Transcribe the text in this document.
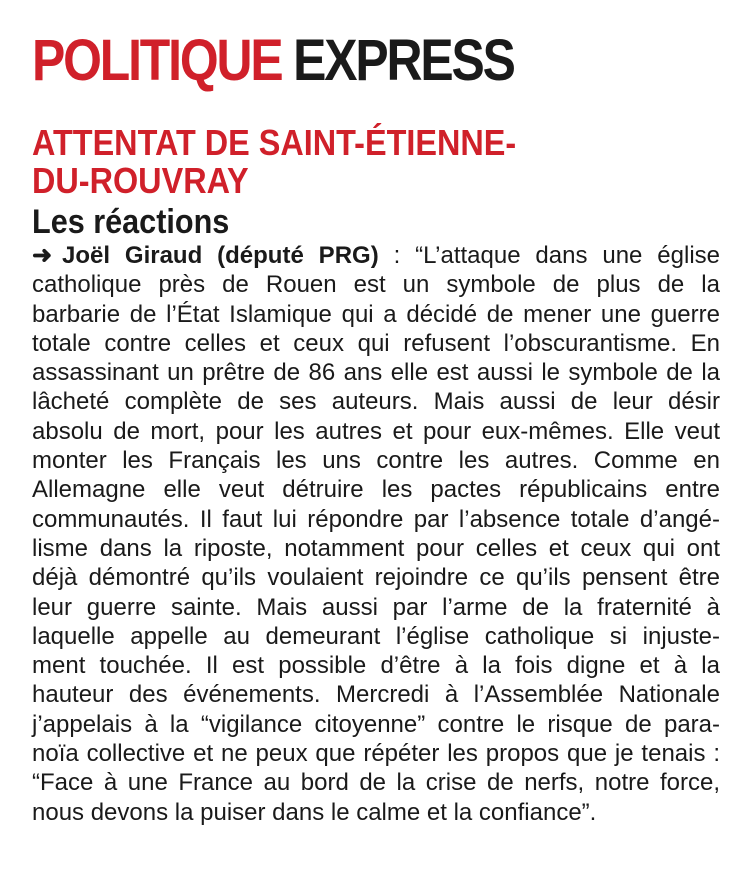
POLITIQUE EXPRESS
ATTENTAT DE SAINT-ÉTIENNE-
DU-ROUVRAY
Les réactions
➜ Joël Giraud (député PRG) : “L’attaque dans une église
catholique près de Rouen est un symbole de plus de la
barbarie de l’État Islamique qui a décidé de mener une guerre
totale contre celles et ceux qui refusent l’obscurantisme. En
assassinant un prêtre de 86 ans elle est aussi le symbole de la
lâcheté complète de ses auteurs. Mais aussi de leur désir
absolu de mort, pour les autres et pour eux-mêmes. Elle veut
monter les Français les uns contre les autres. Comme en
Allemagne elle veut détruire les pactes républicains entre
communautés. Il faut lui répondre par l’absence totale d’angé-
lisme dans la riposte, notamment pour celles et ceux qui ont
déjà démontré qu’ils voulaient rejoindre ce qu’ils pensent être
leur guerre sainte. Mais aussi par l’arme de la fraternité à
laquelle appelle au demeurant l’église catholique si injuste-
ment touchée. Il est possible d’être à la fois digne et à la
hauteur des événements. Mercredi à l’Assemblée Nationale
j’appelais à la “vigilance citoyenne” contre le risque de para-
noïa collective et ne peux que répéter les propos que je tenais :
“Face à une France au bord de la crise de nerfs, notre force,
nous devons la puiser dans le calme et la confiance”.
